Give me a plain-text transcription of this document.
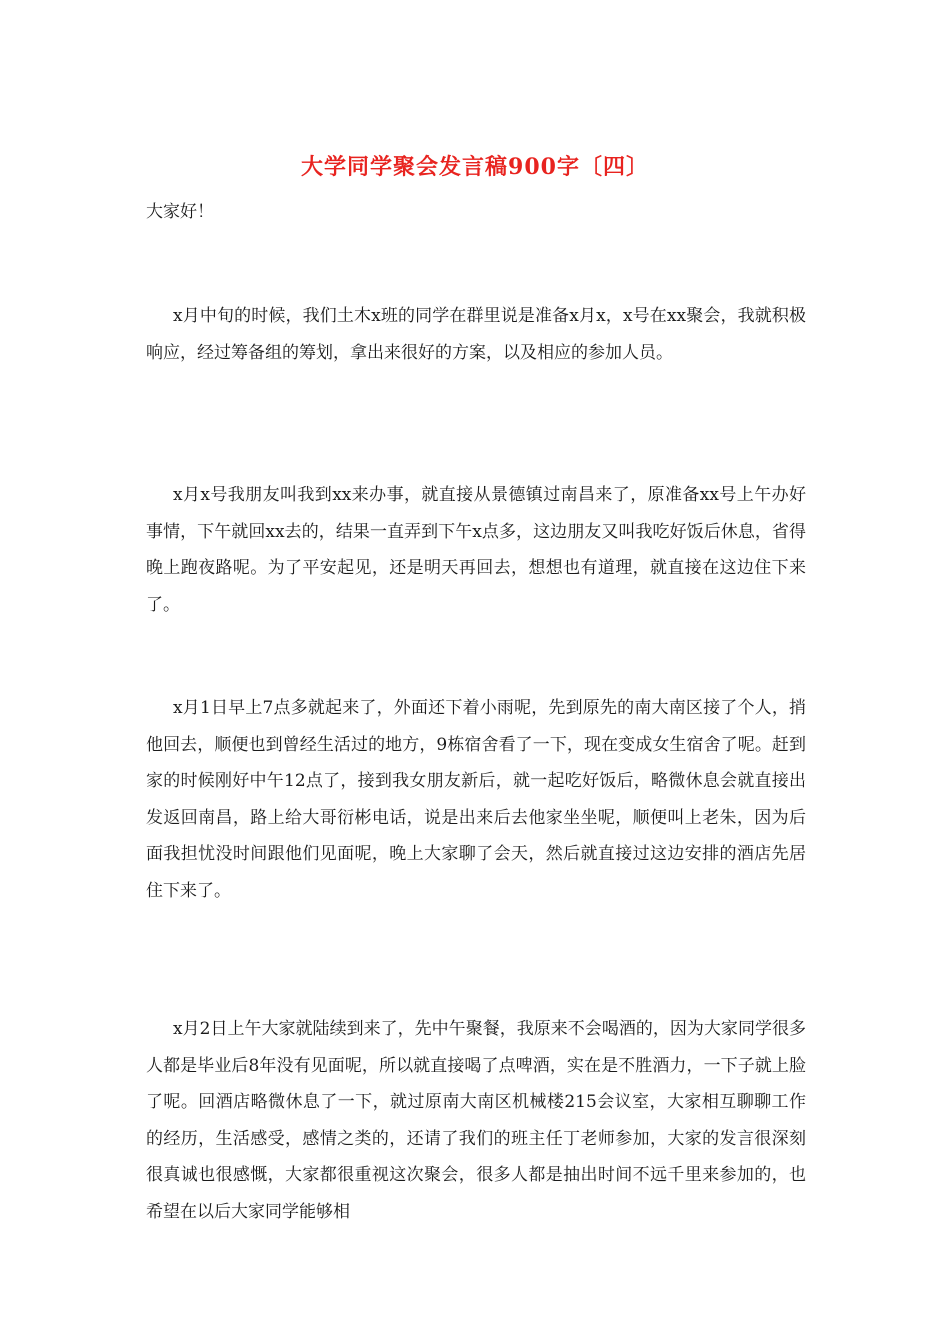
大学同学聚会发言稿900字〔四〕
大家好！

x月中旬的时候，我们土木x班的同学在群里说是准备x月x，x号在xx聚会，我就积极响应，经过筹备组的筹划，拿出来很好的方案，以及相应的参加人员。

x月x号我朋友叫我到xx来办事，就直接从景德镇过南昌来了，原准备xx号上午办好事情，下午就回xx去的，结果一直弄到下午x点多，这边朋友又叫我吃好饭后休息，省得晚上跑夜路呢。为了平安起见，还是明天再回去，想想也有道理，就直接在这边住下来了。

x月1日早上7点多就起来了，外面还下着小雨呢，先到原先的南大南区接了个人，捎他回去，顺便也到曾经生活过的地方，9栋宿舍看了一下，现在变成女生宿舍了呢。赶到家的时候刚好中午12点了，接到我女朋友新后，就一起吃好饭后，略微休息会就直接出发返回南昌，路上给大哥衍彬电话，说是出来后去他家坐坐呢，顺便叫上老朱，因为后面我担忧没时间跟他们见面呢，晚上大家聊了会天，然后就直接过这边安排的酒店先居住下来了。

x月2日上午大家就陆续到来了，先中午聚餐，我原来不会喝酒的，因为大家同学很多人都是毕业后8年没有见面呢，所以就直接喝了点啤酒，实在是不胜酒力，一下子就上脸了呢。回酒店略微休息了一下，就过原南大南区机械楼215会议室，大家相互聊聊工作的经历，生活感受，感情之类的，还请了我们的班主任丁老师参加，大家的发言很深刻很真诚也很感慨，大家都很重视这次聚会，很多人都是抽出时间不远千里来参加的，也希望在以后大家同学能够相
